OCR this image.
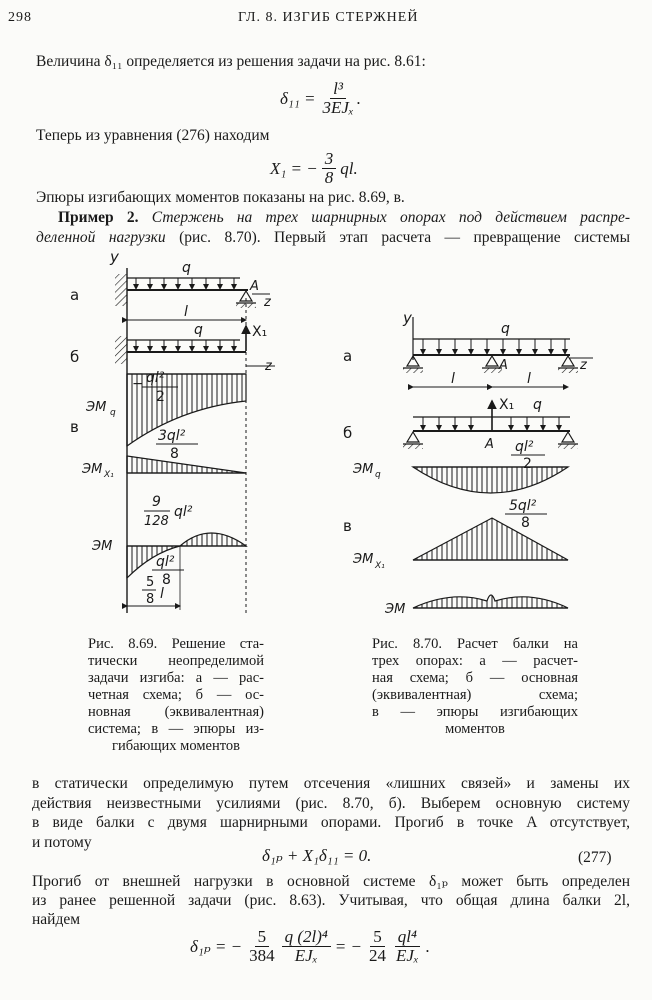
298	ГЛ. 8. ИЗГИБ СТЕРЖНЕЙ
Величина δ₁₁ определяется из решения задачи на рис. 8.61:
$\delta_{11} = \frac{\text{l³}}{\text{3EJₓ}}$ .
Теперь из уравнения (276) находим
X₁ = − $\frac{3}{8}$ ql.
Эпюры изгибающих моментов показаны на рис. 8.69, в.
Пример 2. Стержень на трех шарнирных опорах под действием распре-
деленной нагрузки (рис. 8.70). Первый этап расчета — превращение системы
y
q
A
z
а
l
q	X₁
z
б
ЭM q
− ql²
2
в
ЭM X₁
3ql²
8
ЭM
9
128
ql²
ql²
8
5
8 l
y
q
z
A
а
l	l
X₁ q
A
б
ЭM q
ql²
2
ЭM X₁
5ql²
8
в
ЭM
Рис. 8.69. Решение ста-
тически неопределимой
задачи изгиба: а — рас-
четная схема; б — ос-
новная (эквивалентная)
система; в — эпюры из-
гибающих моментов
Рис. 8.70. Расчет балки на
трех опорах: а — расчет-
ная схема; б — основная
(эквивалентная) схема;
в — эпюры изгибающих
моментов
в статически определимую путем отсечения «лишних связей» и замены их
действия неизвестными усилиями (рис. 8.70, б). Выберем основную систему
в виде балки с двумя шарнирными опорами. Прогиб в точке A отсутствует,
и потому
δ₁ₚ + X₁δ₁₁ = 0.	(277)
Прогиб от внешней нагрузки в основной системе δ₁ₚ может быть определен
из ранее решенной задачи (рис. 8.63). Учитывая, что общая длина балки 2l,
найдем
δ₁ₚ = − $\frac{5}{384} \frac{\text{q (2l)⁴}}{\text{EJₓ}}$ = − $\frac{5}{24} \frac{\text{ql⁴}}{\text{EJₓ}}$ .
